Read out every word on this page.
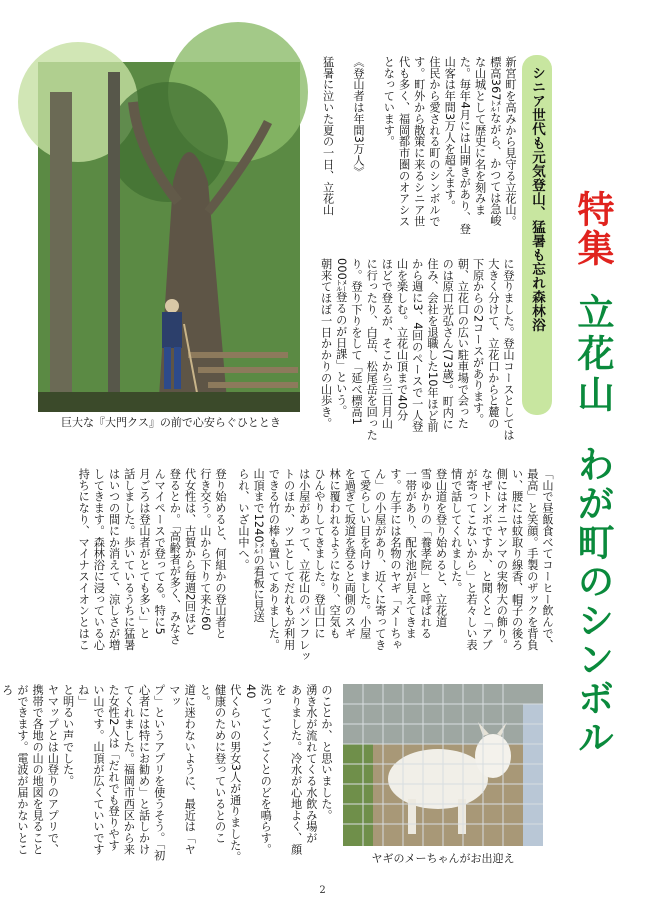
特集
立花山
わが町のシンボル
シニア世代も元気登山、猛暑も忘れ森林浴
新宮町を高みから見守る立花山。
標高367㍍ながら、かつては急峻
な山城として歴史に名を刻みま
た。毎年4月には山開きがあり、登
山客は年間3万人を超えます。
住民から愛される町のシンボルで
す。町外から散策に来るシニア世
代も多く、福岡都市圏のオアシス
となっています。

《登山者は年間3万人》

猛暑に泣いた夏の一日、立花山
に登りました。登山コースとしては
大きく分けて、立花口からと麓の
下原からの2コースがあります。
朝、立花口の広い駐車場で会った
のは原口光弘さん(73歳)。町内に
住み、会社を退職した10年ほど前
から週に3、4回のペースで一人登
山を楽しむ。立花山頂まで40分
ほどで登るが、そこから三日月山
に行ったり、白岳、松尾岳を回った
り。登り下りをして「延べ標高1
000㍍登るのが日課」という。
朝来てほぼ一日かかりの山歩き。
巨大な『大門クス』の前で心安らぐひととき
「山で昼飯食べてコーヒー飲んで、
最高」と笑顔。手製のザックを背負
い、腰には蚊取り線香、帽子の後ろ
側にはオニヤンマの実物大の飾り。
なぜトンボですか、と聞くと「アブ
が寄ってこないから」と若々しい表
情で話してくれました。
登山道を登り始めると、立花道
雪ゆかりの「養孝院」と呼ばれる
一帯があり、配水池が見えてきま
す。左手には名物のヤギ「メーちゃ
ん」の小屋があり、近くに寄ってき
て愛らしい目を向けました。小屋
を過ぎて坂道を登ると両側のスギ
林に覆われるようになり、空気も
ひんやりしてきました。登山口に
は小屋があって、立花山のパンフレッ
トのほか、ツエとしてだれもが利用
できる竹の棒も置いてありました。
山頂まで1240㍍の看板に見送
られ、いざ山中へ。
登り始めると、何組かの登山者と
行き交う。山から下りて来た60
代女性は、古賀から毎週2回ほど
登るとか。「高齢者が多く、みなさ
んマイペースで登ってる。特に5
月ごろは登山者がとても多い」と
話しました。歩いているうちに猛暑
はいつの間にか消えて、涼しさが増
してきます。森林浴に浸っている心
持ちになり、マイナスイオンとはこ
のことか、と思いました。
湧き水が流れてくる水飲み場が
ありました。冷水が心地よく、顔を
洗ってごくごくとのどを鳴らす。40
代くらいの男女3人が通りました。
健康のために登っているとのこと。
道に迷わないように、最近は「ヤマッ
プ」というアプリを使うそう。「初
心者には特にお勧め」と話しかけ
てくれました。福岡市西区から来
た女性2人は「だれでも登りやす
い山です。山頂が広くていいですね」
と明るい声でした。
ヤマップとは山登りのアプリで、
携帯で各地の山の地図を見ること
ができます。電波が届かないところ

ヤギのメーちゃんがお出迎え
2
